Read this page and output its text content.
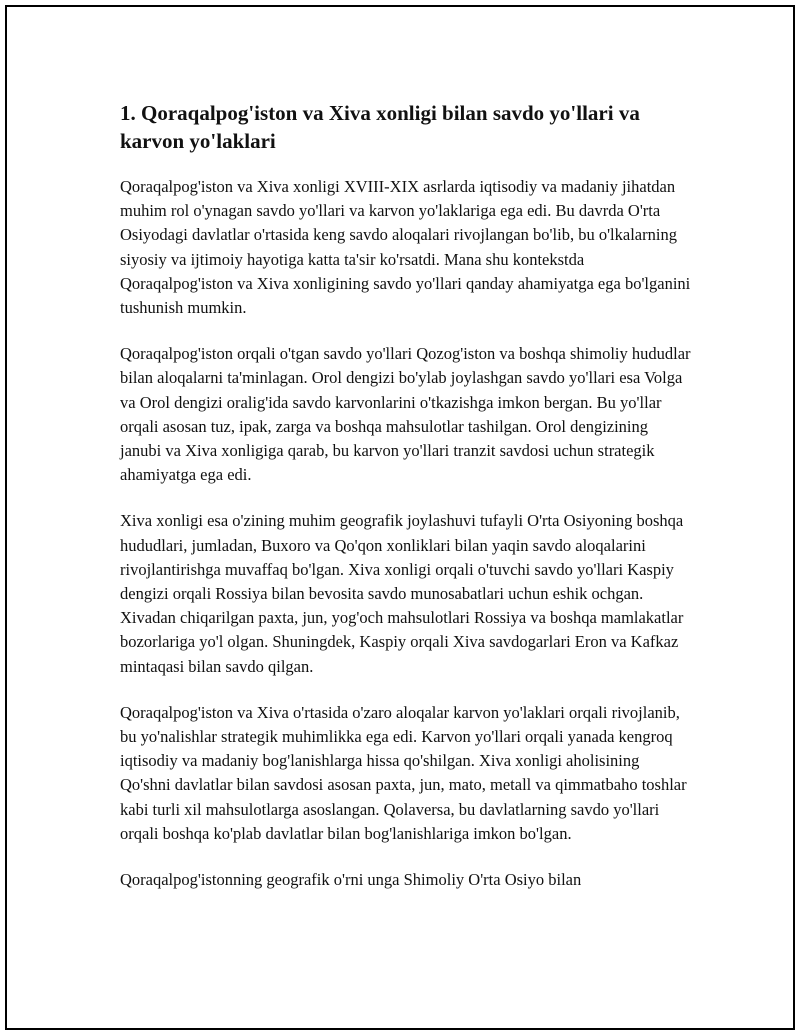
1. Qoraqalpog'iston va Xiva xonligi bilan savdo yo'llari va karvon yo'laklari

Qoraqalpog'iston va Xiva xonligi XVIII-XIX asrlarda iqtisodiy va madaniy jihatdan muhim rol o'ynagan savdo yo'llari va karvon yo'laklariga ega edi. Bu davrda O'rta Osiyodagi davlatlar o'rtasida keng savdo aloqalari rivojlangan bo'lib, bu o'lkalarning siyosiy va ijtimoiy hayotiga katta ta'sir ko'rsatdi. Mana shu kontekstda Qoraqalpog'iston va Xiva xonligining savdo yo'llari qanday ahamiyatga ega bo'lganini tushunish mumkin.

Qoraqalpog'iston orqali o'tgan savdo yo'llari Qozog'iston va boshqa shimoliy hududlar bilan aloqalarni ta'minlagan. Orol dengizi bo'ylab joylashgan savdo yo'llari esa Volga va Orol dengizi oralig'ida savdo karvonlarini o'tkazishga imkon bergan. Bu yo'llar orqali asosan tuz, ipak, zarga va boshqa mahsulotlar tashilgan. Orol dengizining janubi va Xiva xonligiga qarab, bu karvon yo'llari tranzit savdosi uchun strategik ahamiyatga ega edi.

Xiva xonligi esa o'zining muhim geografik joylashuvi tufayli O'rta Osiyoning boshqa hududlari, jumladan, Buxoro va Qo'qon xonliklari bilan yaqin savdo aloqalarini rivojlantirishga muvaffaq bo'lgan. Xiva xonligi orqali o'tuvchi savdo yo'llari Kaspiy dengizi orqali Rossiya bilan bevosita savdo munosabatlari uchun eshik ochgan. Xivadan chiqarilgan paxta, jun, yog'och mahsulotlari Rossiya va boshqa mamlakatlar bozorlariga yo'l olgan. Shuningdek, Kaspiy orqali Xiva savdogarlari Eron va Kafkaz mintaqasi bilan savdo qilgan.

Qoraqalpog'iston va Xiva o'rtasida o'zaro aloqalar karvon yo'laklari orqali rivojlanib, bu yo'nalishlar strategik muhimlikka ega edi. Karvon yo'llari orqali yanada kengroq iqtisodiy va madaniy bog'lanishlarga hissa qo'shilgan. Xiva xonligi aholisining Qo'shni davlatlar bilan savdosi asosan paxta, jun, mato, metall va qimmatbaho toshlar kabi turli xil mahsulotlarga asoslangan. Qolaversa, bu davlatlarning savdo yo'llari orqali boshqa ko'plab davlatlar bilan bog'lanishlariga imkon bo'lgan.

Qoraqalpog'istonning geografik o'rni unga Shimoliy O'rta Osiyo bilan
